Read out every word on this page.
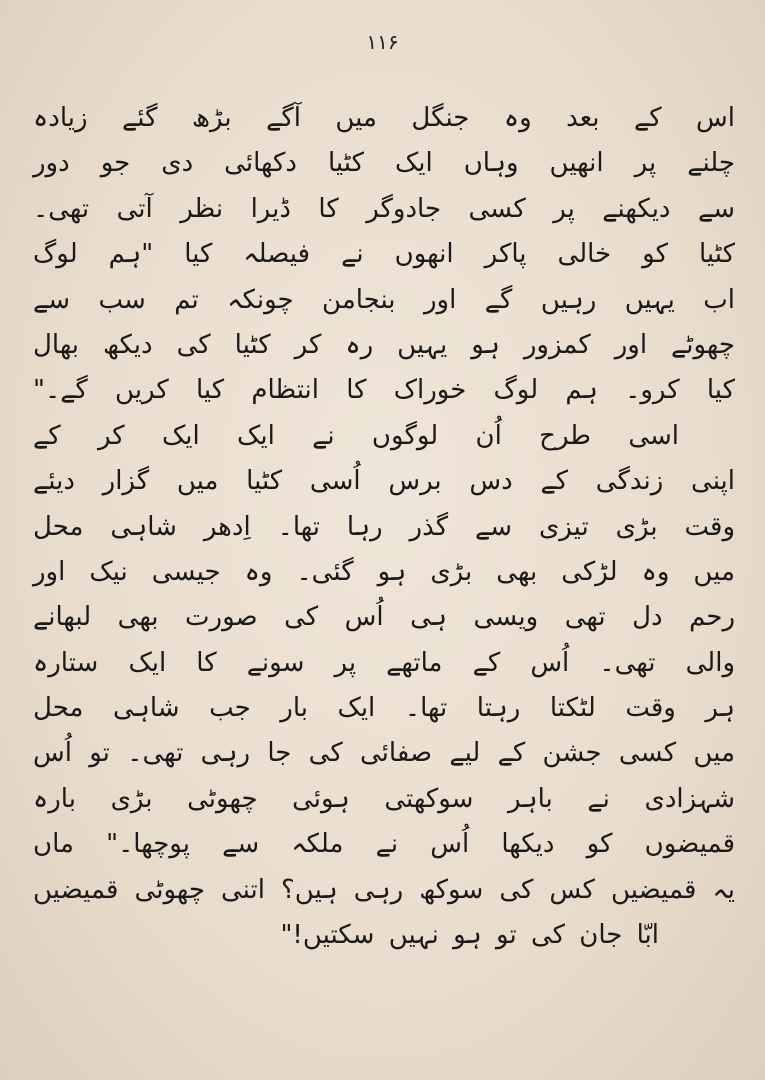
۱۱۶
اس کے بعد وہ جنگل میں آگے بڑھ گئے زیادہ
چلنے پر انھیں وہاں ایک کٹیا دکھائی دی جو دور
سے دیکھنے پر کسی جادوگر کا ڈیرا نظر آتی تھی۔
کٹیا کو خالی پاکر انھوں نے فیصلہ کیا "ہم لوگ
اب یہیں رہیں گے اور بنجامن چونکہ تم سب سے
چھوٹے اور کمزور ہو یہیں رہ کر کٹیا کی دیکھ بھال
کیا کرو۔ ہم لوگ خوراک کا انتظام کیا کریں گے۔"
اسی طرح اُن لوگوں نے ایک ایک کر کے
اپنی زندگی کے دس برس اُسی کٹیا میں گزار دیئے
وقت بڑی تیزی سے گذر رہا تھا۔ اِدھر شاہی محل
میں وہ لڑکی بھی بڑی ہو گئی۔ وہ جیسی نیک اور
رحم دل تھی ویسی ہی اُس کی صورت بھی لبھانے
والی تھی۔ اُس کے ماتھے پر سونے کا ایک ستارہ
ہر وقت لٹکتا رہتا تھا۔ ایک بار جب شاہی محل
میں کسی جشن کے لیے صفائی کی جا رہی تھی۔ تو اُس
شہزادی نے باہر سوکھتی ہوئی چھوٹی بڑی بارہ
قمیضوں کو دیکھا اُس نے ملکہ سے پوچھا۔" ماں
یہ قمیضیں کس کی سوکھ رہی ہیں؟ اتنی چھوٹی قمیضیں
ابّا جان کی تو ہو نہیں سکتیں!"
